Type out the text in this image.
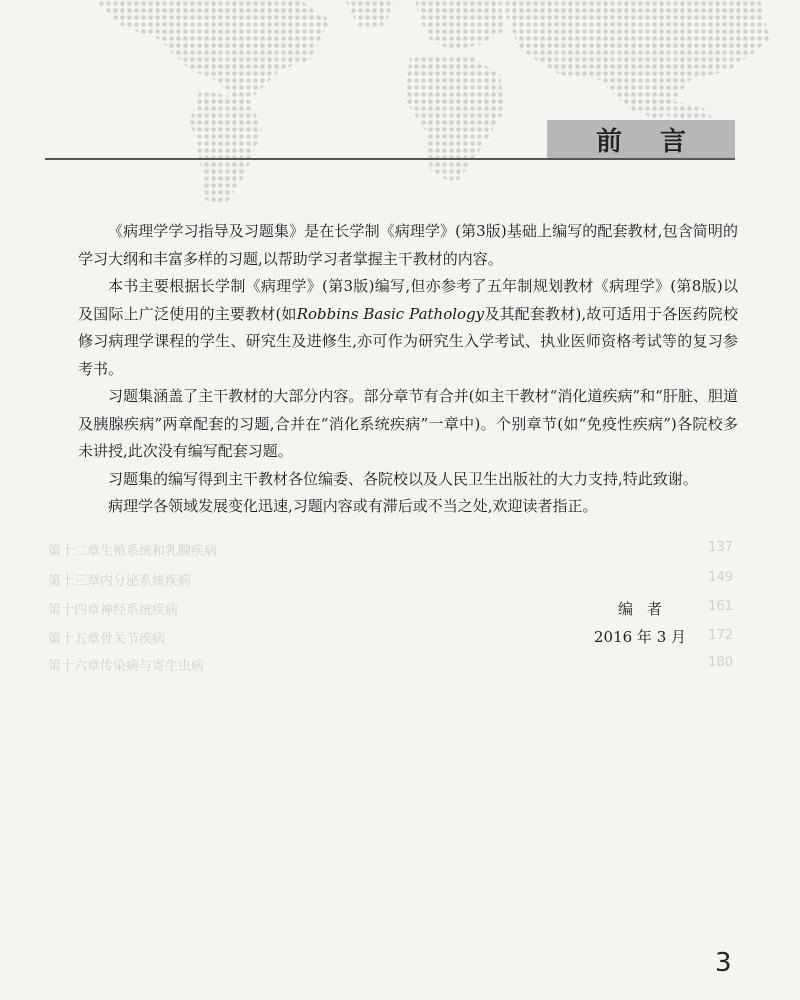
前言
第十二章 生殖系统和乳腺疾病	137
第十三章 内分泌系统疾病	149
第十四章 神经系统疾病	161
第十五章 骨关节疾病	172
第十六章 传染病与寄生虫病	180

《病理学学习指导及习题集》是在长学制《病理学》(第3版)基础上编写的配套教材,包含简明的学习大纲和丰富多样的习题,以帮助学习者掌握主干教材的内容。

本书主要根据长学制《病理学》(第3版)编写,但亦参考了五年制规划教材《病理学》(第8版)以及国际上广泛使用的主要教材(如Robbins Basic Pathology及其配套教材),故可适用于各医药院校修习病理学课程的学生、研究生及进修生,亦可作为研究生入学考试、执业医师资格考试等的复习参考书。

习题集涵盖了主干教材的大部分内容。部分章节有合并(如主干教材“消化道疾病”和“肝脏、胆道及胰腺疾病”两章配套的习题,合并在“消化系统疾病”一章中)。个别章节(如“免疫性疾病”)各院校多未讲授,此次没有编写配套习题。

习题集的编写得到主干教材各位编委、各院校以及人民卫生出版社的大力支持,特此致谢。

病理学各领域发展变化迅速,习题内容或有滞后或不当之处,欢迎读者指正。

编者
2016 年 3 月
3
